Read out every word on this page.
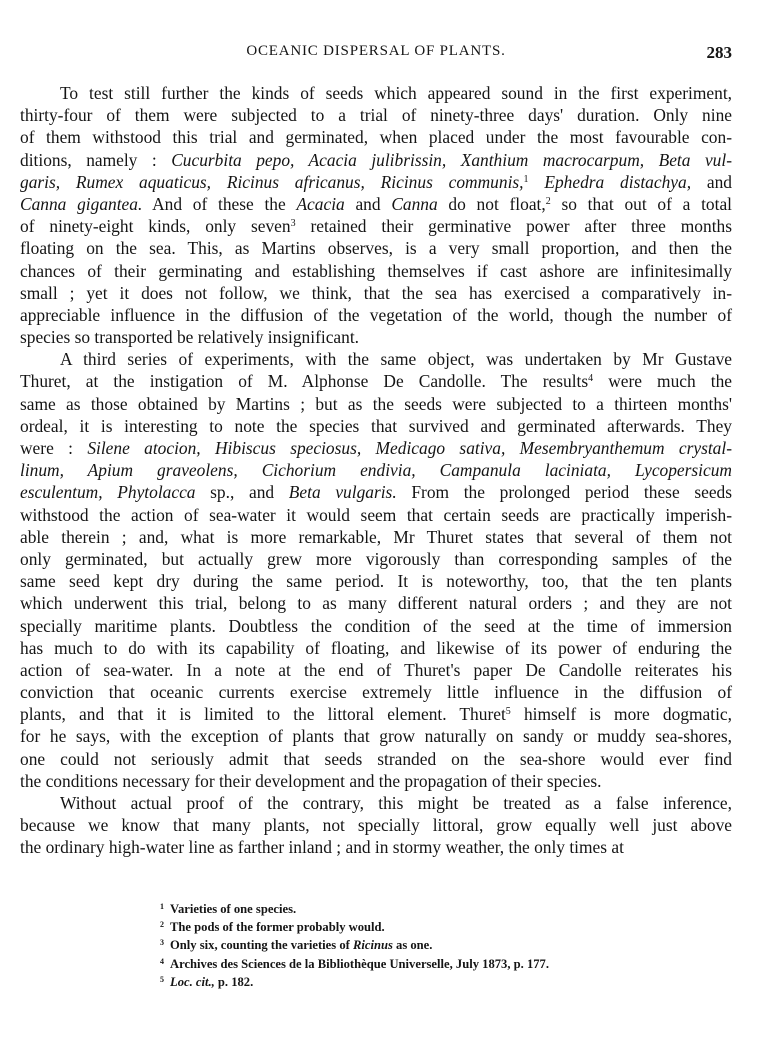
OCEANIC DISPERSAL OF PLANTS.	283
To test still further the kinds of seeds which appeared sound in the first experiment,
thirty-four of them were subjected to a trial of ninety-three days' duration. Only nine
of them withstood this trial and germinated, when placed under the most favourable con-
ditions, namely : Cucurbita pepo, Acacia julibrissin, Xanthium macrocarpum, Beta vul-
garis, Rumex aquaticus, Ricinus africanus, Ricinus communis,$^1$ Ephedra distachya, and
Canna gigantea. And of these the Acacia and Canna do not float,$^2$ so that out of a total
of ninety-eight kinds, only seven$^3$ retained their germinative power after three months
floating on the sea. This, as Martins observes, is a very small proportion, and then the
chances of their germinating and establishing themselves if cast ashore are infinitesimally
small ; yet it does not follow, we think, that the sea has exercised a comparatively in-
appreciable influence in the diffusion of the vegetation of the world, though the number of
species so transported be relatively insignificant.
A third series of experiments, with the same object, was undertaken by Mr Gustave
Thuret, at the instigation of M. Alphonse De Candolle. The results$^4$ were much the
same as those obtained by Martins ; but as the seeds were subjected to a thirteen months'
ordeal, it is interesting to note the species that survived and germinated afterwards. They
were : Silene atocion, Hibiscus speciosus, Medicago sativa, Mesembryanthemum crystal-
linum, Apium graveolens, Cichorium endivia, Campanula laciniata, Lycopersicum
esculentum, Phytolacca sp., and Beta vulgaris. From the prolonged period these seeds
withstood the action of sea-water it would seem that certain seeds are practically imperish-
able therein ; and, what is more remarkable, Mr Thuret states that several of them not
only germinated, but actually grew more vigorously than corresponding samples of the
same seed kept dry during the same period. It is noteworthy, too, that the ten plants
which underwent this trial, belong to as many different natural orders ; and they are not
specially maritime plants. Doubtless the condition of the seed at the time of immersion
has much to do with its capability of floating, and likewise of its power of enduring the
action of sea-water. In a note at the end of Thuret's paper De Candolle reiterates his
conviction that oceanic currents exercise extremely little influence in the diffusion of
plants, and that it is limited to the littoral element. Thuret$^5$ himself is more dogmatic,
for he says, with the exception of plants that grow naturally on sandy or muddy sea-shores,
one could not seriously admit that seeds stranded on the sea-shore would ever find
the conditions necessary for their development and the propagation of their species.
Without actual proof of the contrary, this might be treated as a false inference,
because we know that many plants, not specially littoral, grow equally well just above
the ordinary high-water line as farther inland ; and in stormy weather, the only times at
$^1$ Varieties of one species.
$^2$ The pods of the former probably would.
$^3$ Only six, counting the varieties of Ricinus as one.
$^4$ Archives des Sciences de la Bibliothèque Universelle, July 1873, p. 177.
$^5$ Loc. cit., p. 182.
